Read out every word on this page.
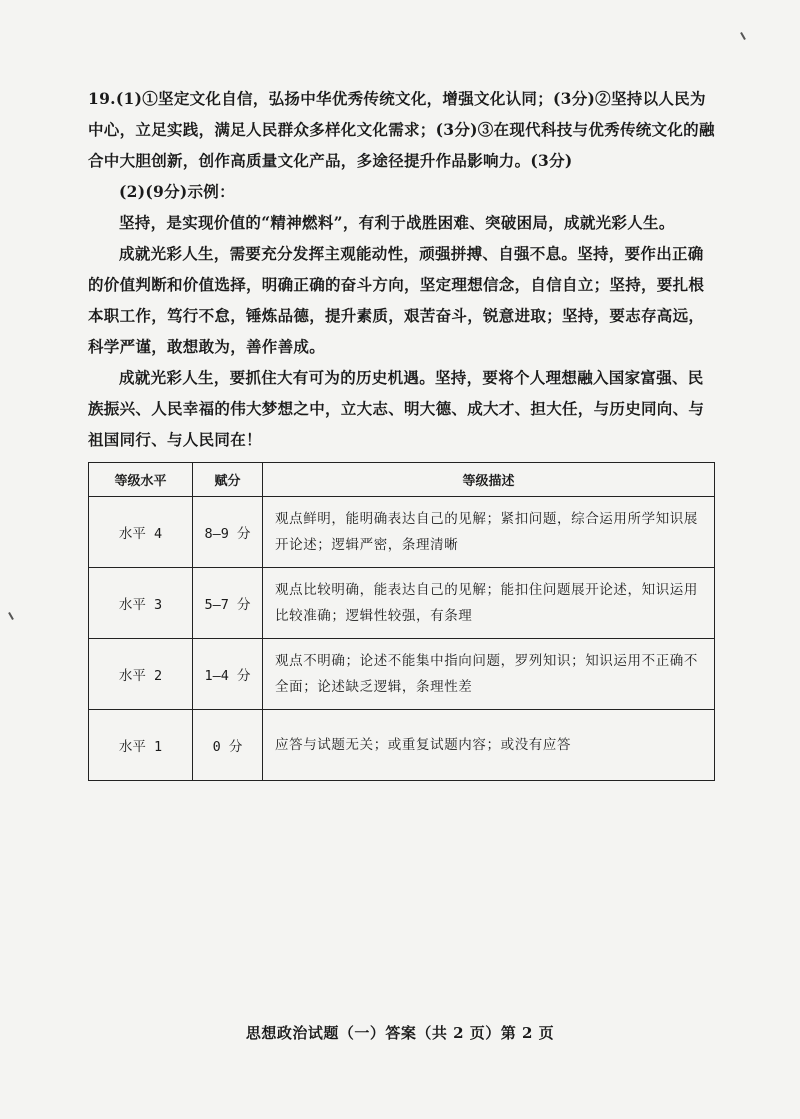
19.(1)①坚定文化自信，弘扬中华优秀传统文化，增强文化认同；(3分)②坚持以人民为中心，立足实践，满足人民群众多样化文化需求；(3分)③在现代科技与优秀传统文化的融合中大胆创新，创作高质量文化产品，多途径提升作品影响力。(3分)
(2)(9分)示例：
坚持，是实现价值的“精神燃料”，有利于战胜困难、突破困局，成就光彩人生。
成就光彩人生，需要充分发挥主观能动性，顽强拼搏、自强不息。坚持，要作出正确的价值判断和价值选择，明确正确的奋斗方向，坚定理想信念，自信自立；坚持，要扎根本职工作，笃行不怠，锤炼品德，提升素质，艰苦奋斗，锐意进取；坚持，要志存高远，科学严谨，敢想敢为，善作善成。
成就光彩人生，要抓住大有可为的历史机遇。坚持，要将个人理想融入国家富强、民族振兴、人民幸福的伟大梦想之中，立大志、明大德、成大才、担大任，与历史同向、与祖国同行、与人民同在！
等级水平	赋分	等级描述
水平 4	8—9 分	观点鲜明，能明确表达自己的见解；紧扣问题，综合运用所学知识展开论述；逻辑严密，条理清晰
水平 3	5—7 分	观点比较明确，能表达自己的见解；能扣住问题展开论述，知识运用比较准确；逻辑性较强，有条理
水平 2	1—4 分	观点不明确；论述不能集中指向问题，罗列知识；知识运用不正确不全面；论述缺乏逻辑，条理性差
水平 1	0 分	应答与试题无关；或重复试题内容；或没有应答
思想政治试题（一）答案（共 2 页）第 2 页
